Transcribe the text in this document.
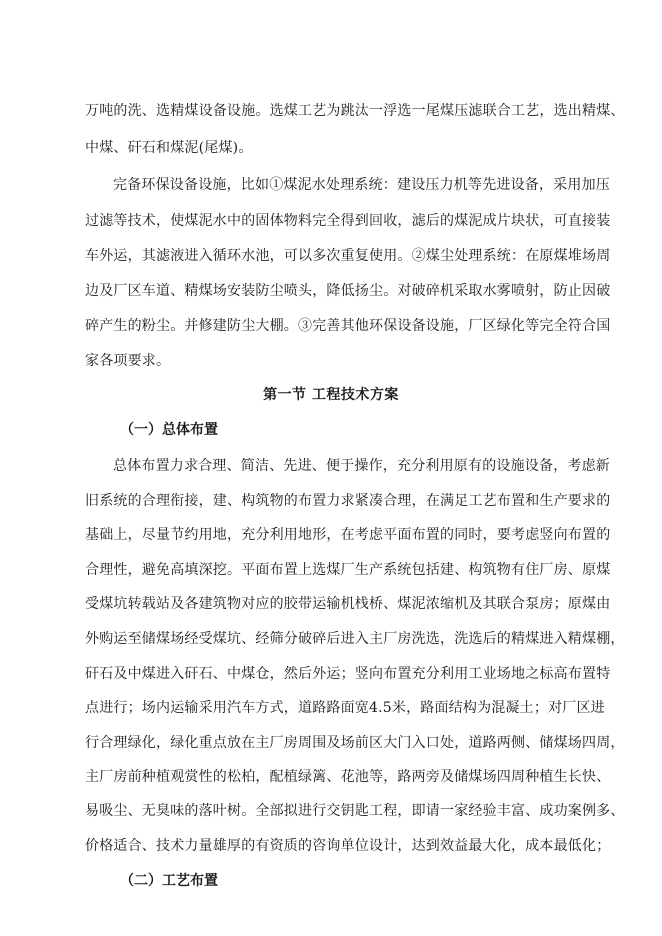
万吨的洗、选精煤设备设施。选煤工艺为跳汰一浮选一尾煤压滤联合工艺，选出精煤、
中煤、矸石和煤泥(尾煤)。
完备环保设备设施，比如①煤泥水处理系统：建设压力机等先进设备，采用加压
过滤等技术，使煤泥水中的固体物料完全得到回收，滤后的煤泥成片块状，可直接装
车外运，其滤液进入循环水池，可以多次重复使用。②煤尘处理系统：在原煤堆场周
边及厂区车道、精煤场安装防尘喷头，降低扬尘。对破碎机采取水雾喷射，防止因破
碎产生的粉尘。并修建防尘大棚。③完善其他环保设备设施，厂区绿化等完全符合国
家各项要求。
第一节 工程技术方案
（一）总体布置
总体布置力求合理、简洁、先进、便于操作，充分利用原有的设施设备，考虑新
旧系统的合理衔接，建、构筑物的布置力求紧凑合理，在满足工艺布置和生产要求的
基础上，尽量节约用地，充分利用地形，在考虑平面布置的同时，要考虑竖向布置的
合理性，避免高填深挖。平面布置上选煤厂生产系统包括建、构筑物有住厂房、原煤
受煤坑转载站及各建筑物对应的胶带运输机栈桥、煤泥浓缩机及其联合泵房；原煤由
外购运至储煤场经受煤坑、经筛分破碎后进入主厂房洗选，洗选后的精煤进入精煤棚，
矸石及中煤进入矸石、中煤仓，然后外运；竖向布置充分利用工业场地之标高布置特
点进行；场内运输采用汽车方式，道路路面宽4.5米，路面结构为混凝土；对厂区进
行合理绿化，绿化重点放在主厂房周围及场前区大门入口处，道路两侧、储煤场四周，
主厂房前种植观赏性的松柏，配植绿篱、花池等，路两旁及储煤场四周种植生长快、
易吸尘、无臭味的落叶树。全部拟进行交钥匙工程，即请一家经验丰富、成功案例多、
价格适合、技术力量雄厚的有资质的咨询单位设计，达到效益最大化，成本最低化；
（二）工艺布置
